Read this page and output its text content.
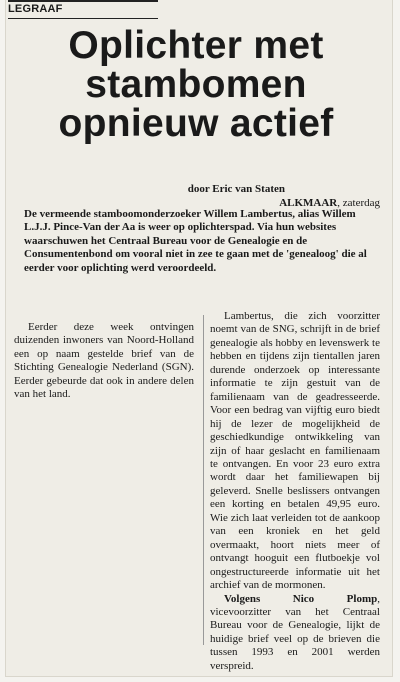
LEGRAAF
Oplichter met stambomen opnieuw actief
door Eric van Staten
ALKMAAR, zaterdag

De vermeende stamboomonderzoeker Willem Lambertus, alias Willem L.J.J. Pince-Van der Aa is weer op oplichterspad. Via hun websites waarschuwen het Centraal Bureau voor de Genealogie en de Consumentenbond om vooral niet in zee te gaan met de 'genealoog' die al eerder voor oplichting werd veroordeeld.

Eerder deze week ontvingen duizenden inwoners van Noord-Holland een op naam gestelde brief van de Stichting Genealogie Nederland (SGN). Eerder gebeurde dat ook in andere delen van het land.

Lambertus, die zich voorzitter noemt van de SNG, schrijft in de brief genealogie als hobby en levenswerk te hebben en tijdens zijn tientallen jaren durende onderzoek op interessante informatie te zijn gestuit van de familienaam van de geadresseerde. Voor een bedrag van vijftig euro biedt hij de lezer de mogelijkheid de geschiedkundige ontwikkeling van zijn of haar geslacht en familienaam te ontvangen. En voor 23 euro extra wordt daar het familiewapen bij geleverd. Snelle beslissers ontvangen een korting en betalen 49,95 euro. Wie zich laat verleiden tot de aankoop van een kroniek en het geld overmaakt, hoort niets meer of ontvangt hooguit een flutboekje vol ongestructureerde informatie uit het archief van de mormonen.

Volgens Nico Plomp, vicevoorzitter van het Centraal Bureau voor de Genealogie, lijkt de huidige brief veel op de brieven die tussen 1993 en 2001 werden verspreid.
